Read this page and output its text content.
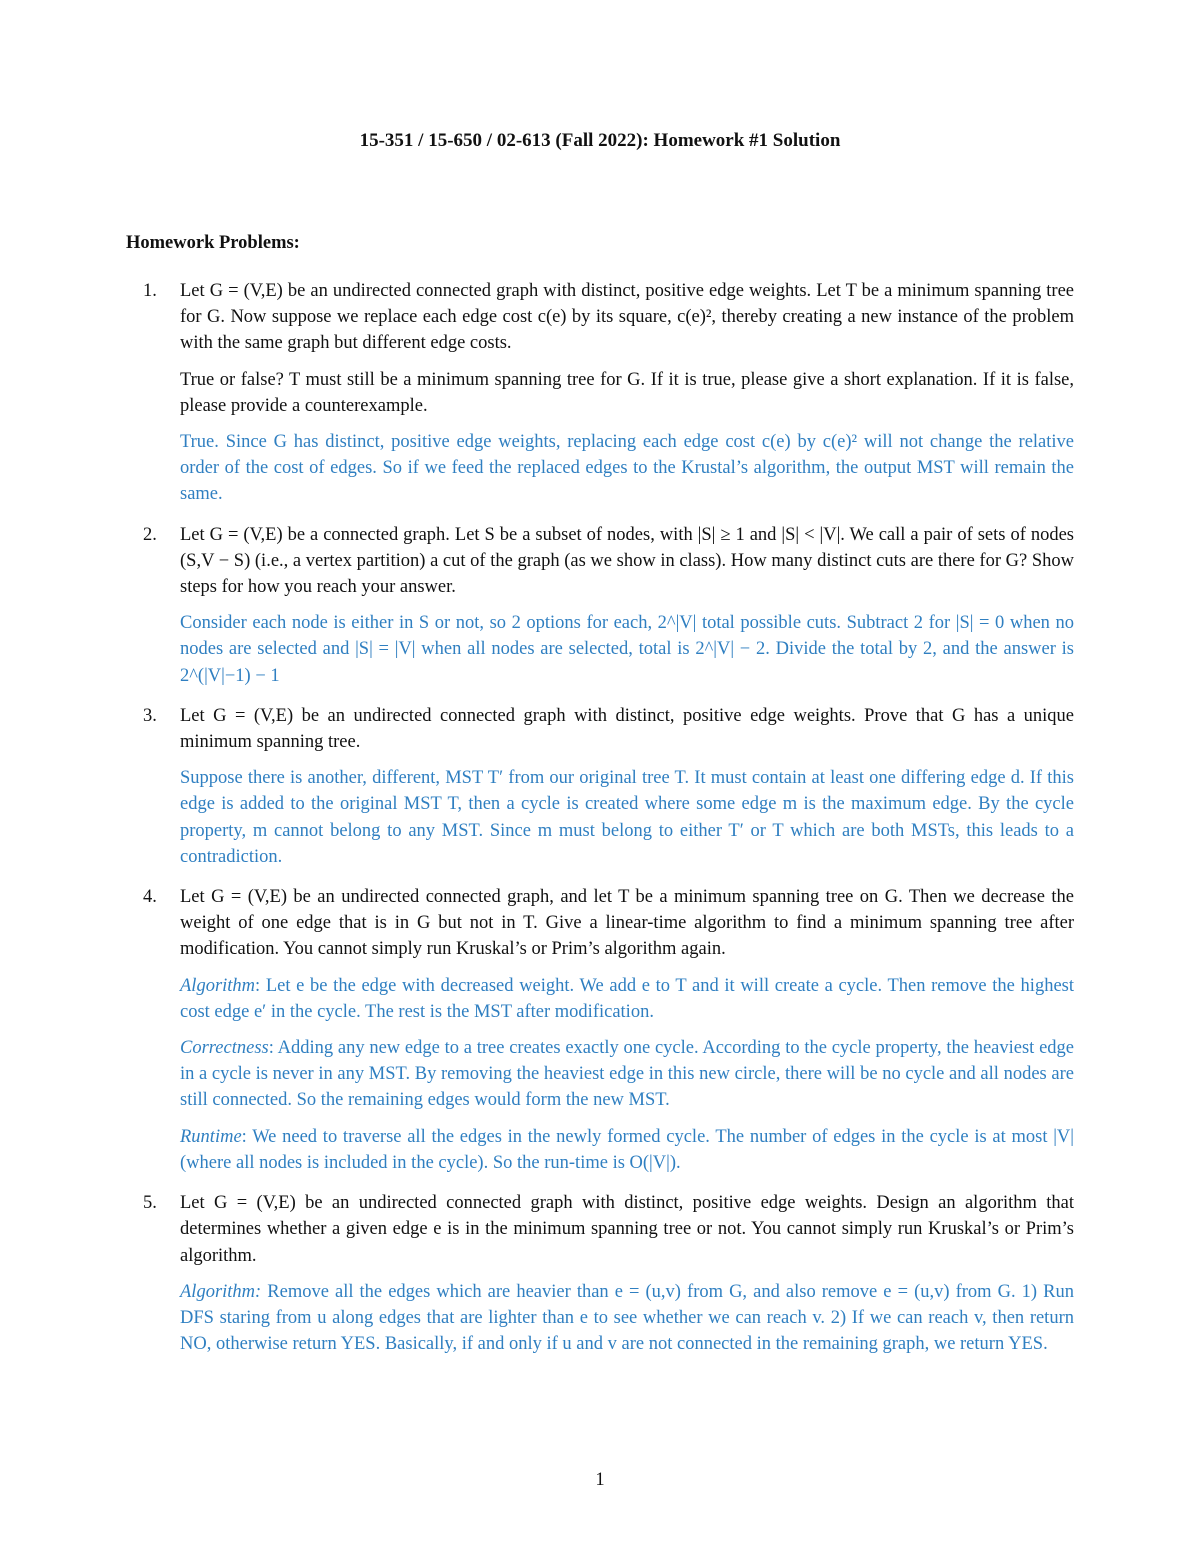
15-351 / 15-650 / 02-613 (Fall 2022): Homework #1 Solution
Homework Problems:
1. Let G = (V,E) be an undirected connected graph with distinct, positive edge weights. Let T be a minimum spanning tree for G. Now suppose we replace each edge cost c(e) by its square, c(e)², thereby creating a new instance of the problem with the same graph but different edge costs.

True or false? T must still be a minimum spanning tree for G. If it is true, please give a short explanation. If it is false, please provide a counterexample.

True. Since G has distinct, positive edge weights, replacing each edge cost c(e) by c(e)² will not change the relative order of the cost of edges. So if we feed the replaced edges to the Krustal’s algorithm, the output MST will remain the same.

2. Let G = (V,E) be a connected graph. Let S be a subset of nodes, with |S| ≥ 1 and |S| < |V|. We call a pair of sets of nodes (S,V − S) (i.e., a vertex partition) a cut of the graph (as we show in class). How many distinct cuts are there for G? Show steps for how you reach your answer.

Consider each node is either in S or not, so 2 options for each, 2^|V| total possible cuts. Subtract 2 for |S| = 0 when no nodes are selected and |S| = |V| when all nodes are selected, total is 2^|V| − 2. Divide the total by 2, and the answer is 2^(|V|−1) − 1

3. Let G = (V,E) be an undirected connected graph with distinct, positive edge weights. Prove that G has a unique minimum spanning tree.

Suppose there is another, different, MST T′ from our original tree T. It must contain at least one differing edge d. If this edge is added to the original MST T, then a cycle is created where some edge m is the maximum edge. By the cycle property, m cannot belong to any MST. Since m must belong to either T′ or T which are both MSTs, this leads to a contradiction.

4. Let G = (V,E) be an undirected connected graph, and let T be a minimum spanning tree on G. Then we decrease the weight of one edge that is in G but not in T. Give a linear-time algorithm to find a minimum spanning tree after modification. You cannot simply run Kruskal’s or Prim’s algorithm again.

Algorithm: Let e be the edge with decreased weight. We add e to T and it will create a cycle. Then remove the highest cost edge e′ in the cycle. The rest is the MST after modification.

Correctness: Adding any new edge to a tree creates exactly one cycle. According to the cycle property, the heaviest edge in a cycle is never in any MST. By removing the heaviest edge in this new circle, there will be no cycle and all nodes are still connected. So the remaining edges would form the new MST.

Runtime: We need to traverse all the edges in the newly formed cycle. The number of edges in the cycle is at most |V| (where all nodes is included in the cycle). So the run-time is O(|V|).

5. Let G = (V,E) be an undirected connected graph with distinct, positive edge weights. Design an algorithm that determines whether a given edge e is in the minimum spanning tree or not. You cannot simply run Kruskal’s or Prim’s algorithm.

Algorithm: Remove all the edges which are heavier than e = (u,v) from G, and also remove e = (u,v) from G. 1) Run DFS staring from u along edges that are lighter than e to see whether we can reach v. 2) If we can reach v, then return NO, otherwise return YES. Basically, if and only if u and v are not connected in the remaining graph, we return YES.

1
